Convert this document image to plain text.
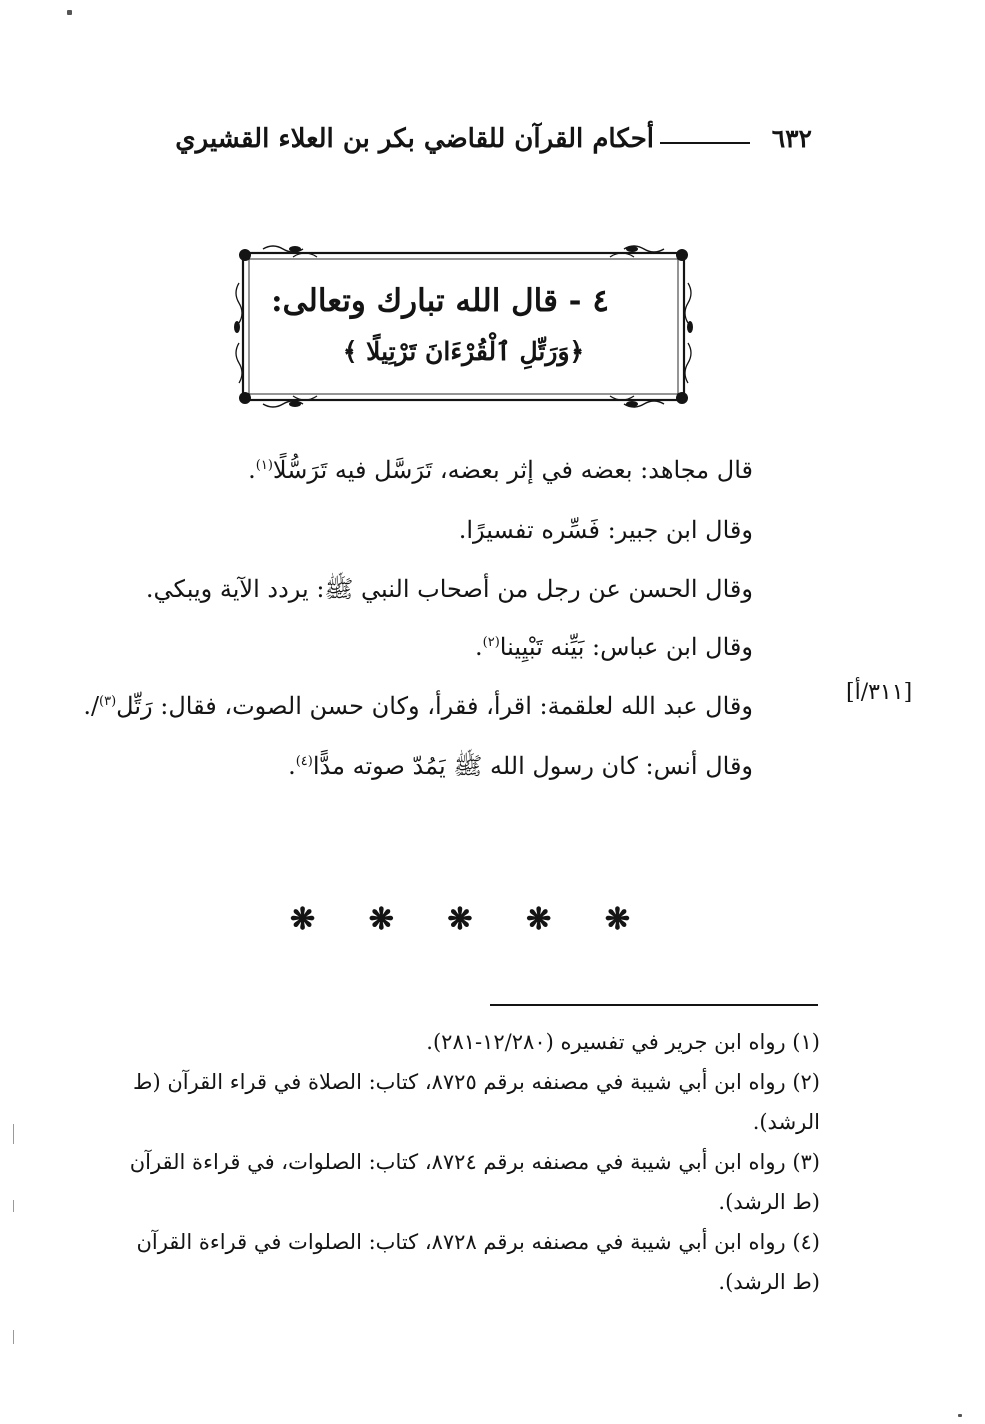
٦٣٢
أحكام القرآن للقاضي بكر بن العلاء القشيري
٤ - قال الله تبارك وتعالى:
﴿وَرَتِّلِ ٱلْقُرْءَانَ تَرْتِيلًا ﴾
قال مجاهد: بعضه في إثر بعضه، تَرَسَّل فيه تَرَسُّلًا$^{(١)}$.
وقال ابن جبير: فَسِّره تفسيرًا.
وقال الحسن عن رجل من أصحاب النبي ﷺ: يردد الآية ويبكي.
وقال ابن عباس: بَيِّنه تَبْيِينا$^{(٢)}$.
وقال عبد الله لعلقمة: اقرأ، فقرأ، وكان حسن الصوت، فقال: رَتِّل$^{(٣)}$/.
وقال أنس: كان رسول الله ﷺ يَمُدّ صوته مدًّا$^{(٤)}$.
[٣١١/أ]
❋ ❋ ❋ ❋ ❋
(١) رواه ابن جرير في تفسيره (١٢/٢٨٠-٢٨١).
(٢) رواه ابن أبي شيبة في مصنفه برقم ٨٧٢٥، كتاب: الصلاة في قراء القرآن (ط الرشد).
(٣) رواه ابن أبي شيبة في مصنفه برقم ٨٧٢٤، كتاب: الصلوات، في قراءة القرآن (ط الرشد).
(٤) رواه ابن أبي شيبة في مصنفه برقم ٨٧٢٨، كتاب: الصلوات في قراءة القرآن (ط الرشد).
